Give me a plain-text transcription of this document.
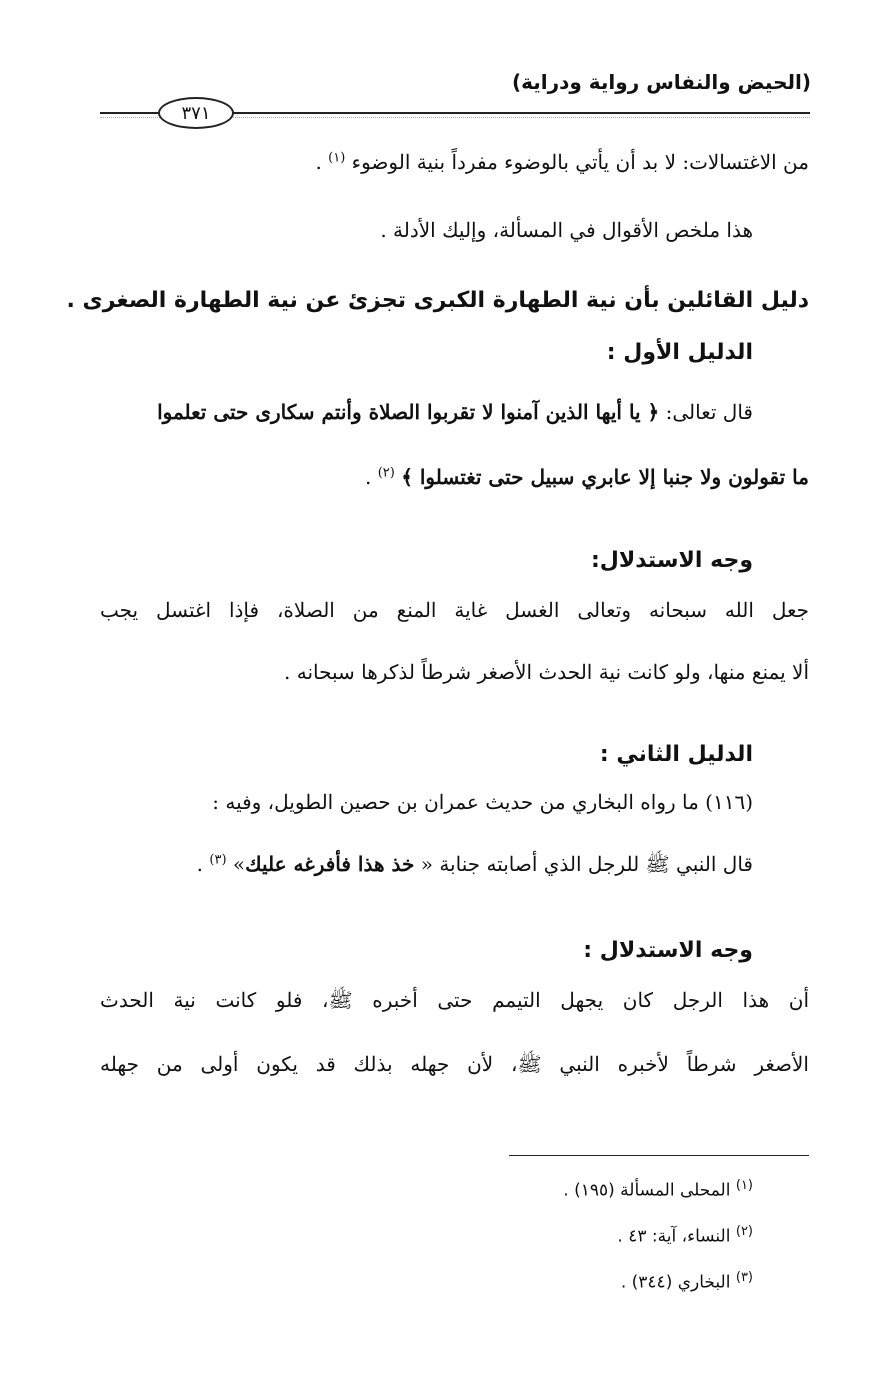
(الحيض والنفاس رواية ودراية)
٣٧١
من الاغتسالات: لا بد أن يأتي بالوضوء مفرداً بنية الوضوء $^{(١)}$ .
هذا ملخص الأقوال في المسألة، وإليك الأدلة .
دليل القائلين بأن نية الطهارة الكبرى تجزئ عن نية الطهارة الصغرى .
الدليل الأول :
قال تعالى: ﴿ يا أيها الذين آمنوا لا تقربوا الصلاة وأنتم سكارى حتى تعلموا
ما تقولون ولا جنبا إلا عابري سبيل حتى تغتسلوا ﴾ $^{(٢)}$ .
وجه الاستدلال:
جعل الله سبحانه وتعالى الغسل غاية المنع من الصلاة، فإذا اغتسل يجب
ألا يمنع منها، ولو كانت نية الحدث الأصغر شرطاً لذكرها سبحانه .
الدليل الثاني :
(١١٦) ما رواه البخاري من حديث عمران بن حصين الطويل، وفيه :
قال النبي ﷺ للرجل الذي أصابته جنابة « خذ هذا فأفرغه عليك» $^{(٣)}$ .
وجه الاستدلال :
أن هذا الرجل كان يجهل التيمم حتى أخبره ﷺ، فلو كانت نية الحدث
الأصغر شرطاً لأخبره النبي ﷺ، لأن جهله بذلك قد يكون أولى من جهله
$^{(١)}$ المحلى المسألة (١٩٥) .
$^{(٢)}$ النساء، آية: ٤٣ .
$^{(٣)}$ البخاري (٣٤٤) .
